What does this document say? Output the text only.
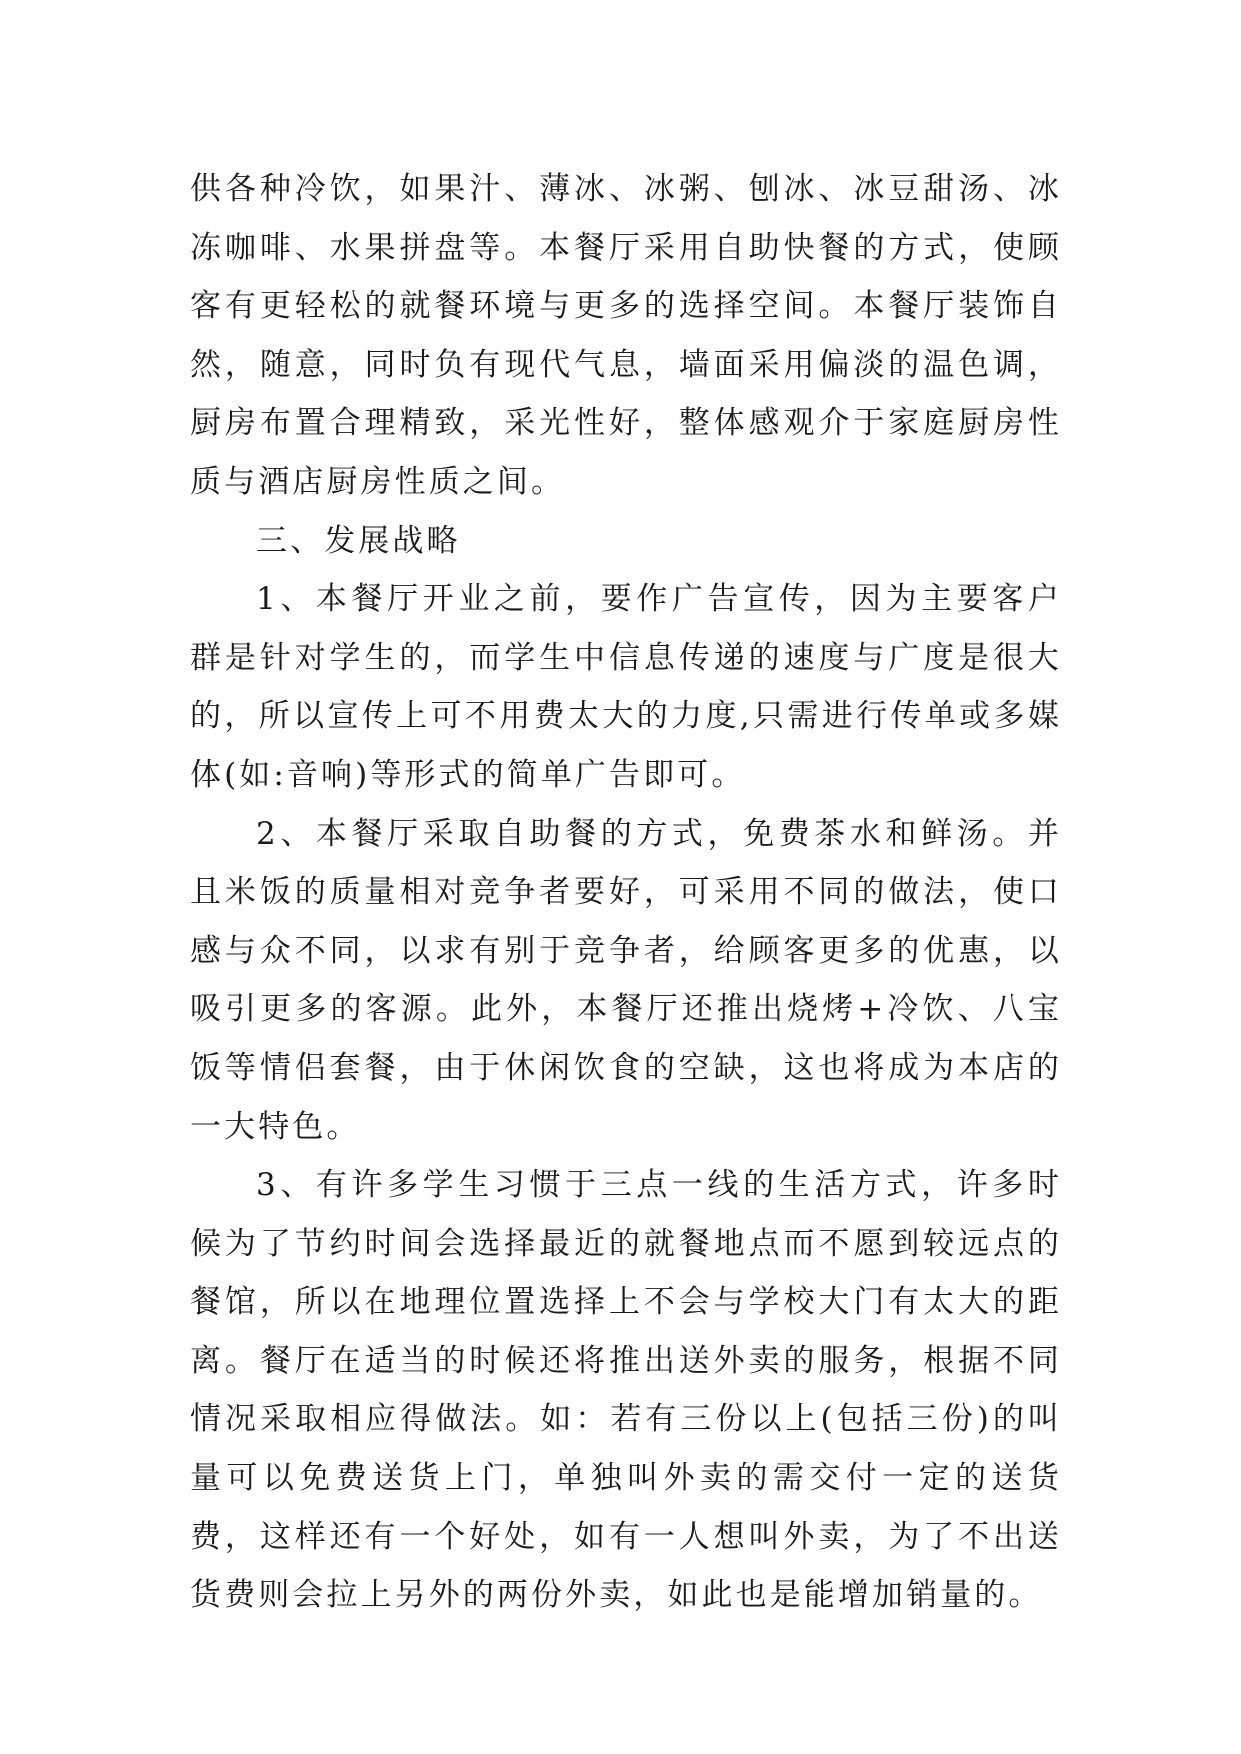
供各种冷饮，如果汁、薄冰、冰粥、刨冰、冰豆甜汤、冰冻咖啡、水果拼盘等。本餐厅采用自助快餐的方式，使顾客有更轻松的就餐环境与更多的选择空间。本餐厅装饰自然，随意，同时负有现代气息，墙面采用偏淡的温色调，厨房布置合理精致，采光性好，整体感观介于家庭厨房性质与酒店厨房性质之间。

三、发展战略

1、本餐厅开业之前，要作广告宣传，因为主要客户群是针对学生的，而学生中信息传递的速度与广度是很大的，所以宣传上可不用费太大的力度,只需进行传单或多媒体(如:音响)等形式的简单广告即可。

2、本餐厅采取自助餐的方式，免费茶水和鲜汤。并且米饭的质量相对竞争者要好，可采用不同的做法，使口感与众不同，以求有别于竞争者，给顾客更多的优惠，以吸引更多的客源。此外，本餐厅还推出烧烤+冷饮、八宝饭等情侣套餐，由于休闲饮食的空缺，这也将成为本店的一大特色。

3、有许多学生习惯于三点一线的生活方式，许多时候为了节约时间会选择最近的就餐地点而不愿到较远点的餐馆，所以在地理位置选择上不会与学校大门有太大的距离。餐厅在适当的时候还将推出送外卖的服务，根据不同情况采取相应得做法。如：若有三份以上(包括三份)的叫量可以免费送货上门，单独叫外卖的需交付一定的送货费，这样还有一个好处，如有一人想叫外卖，为了不出送货费则会拉上另外的两份外卖，如此也是能增加销量的。
